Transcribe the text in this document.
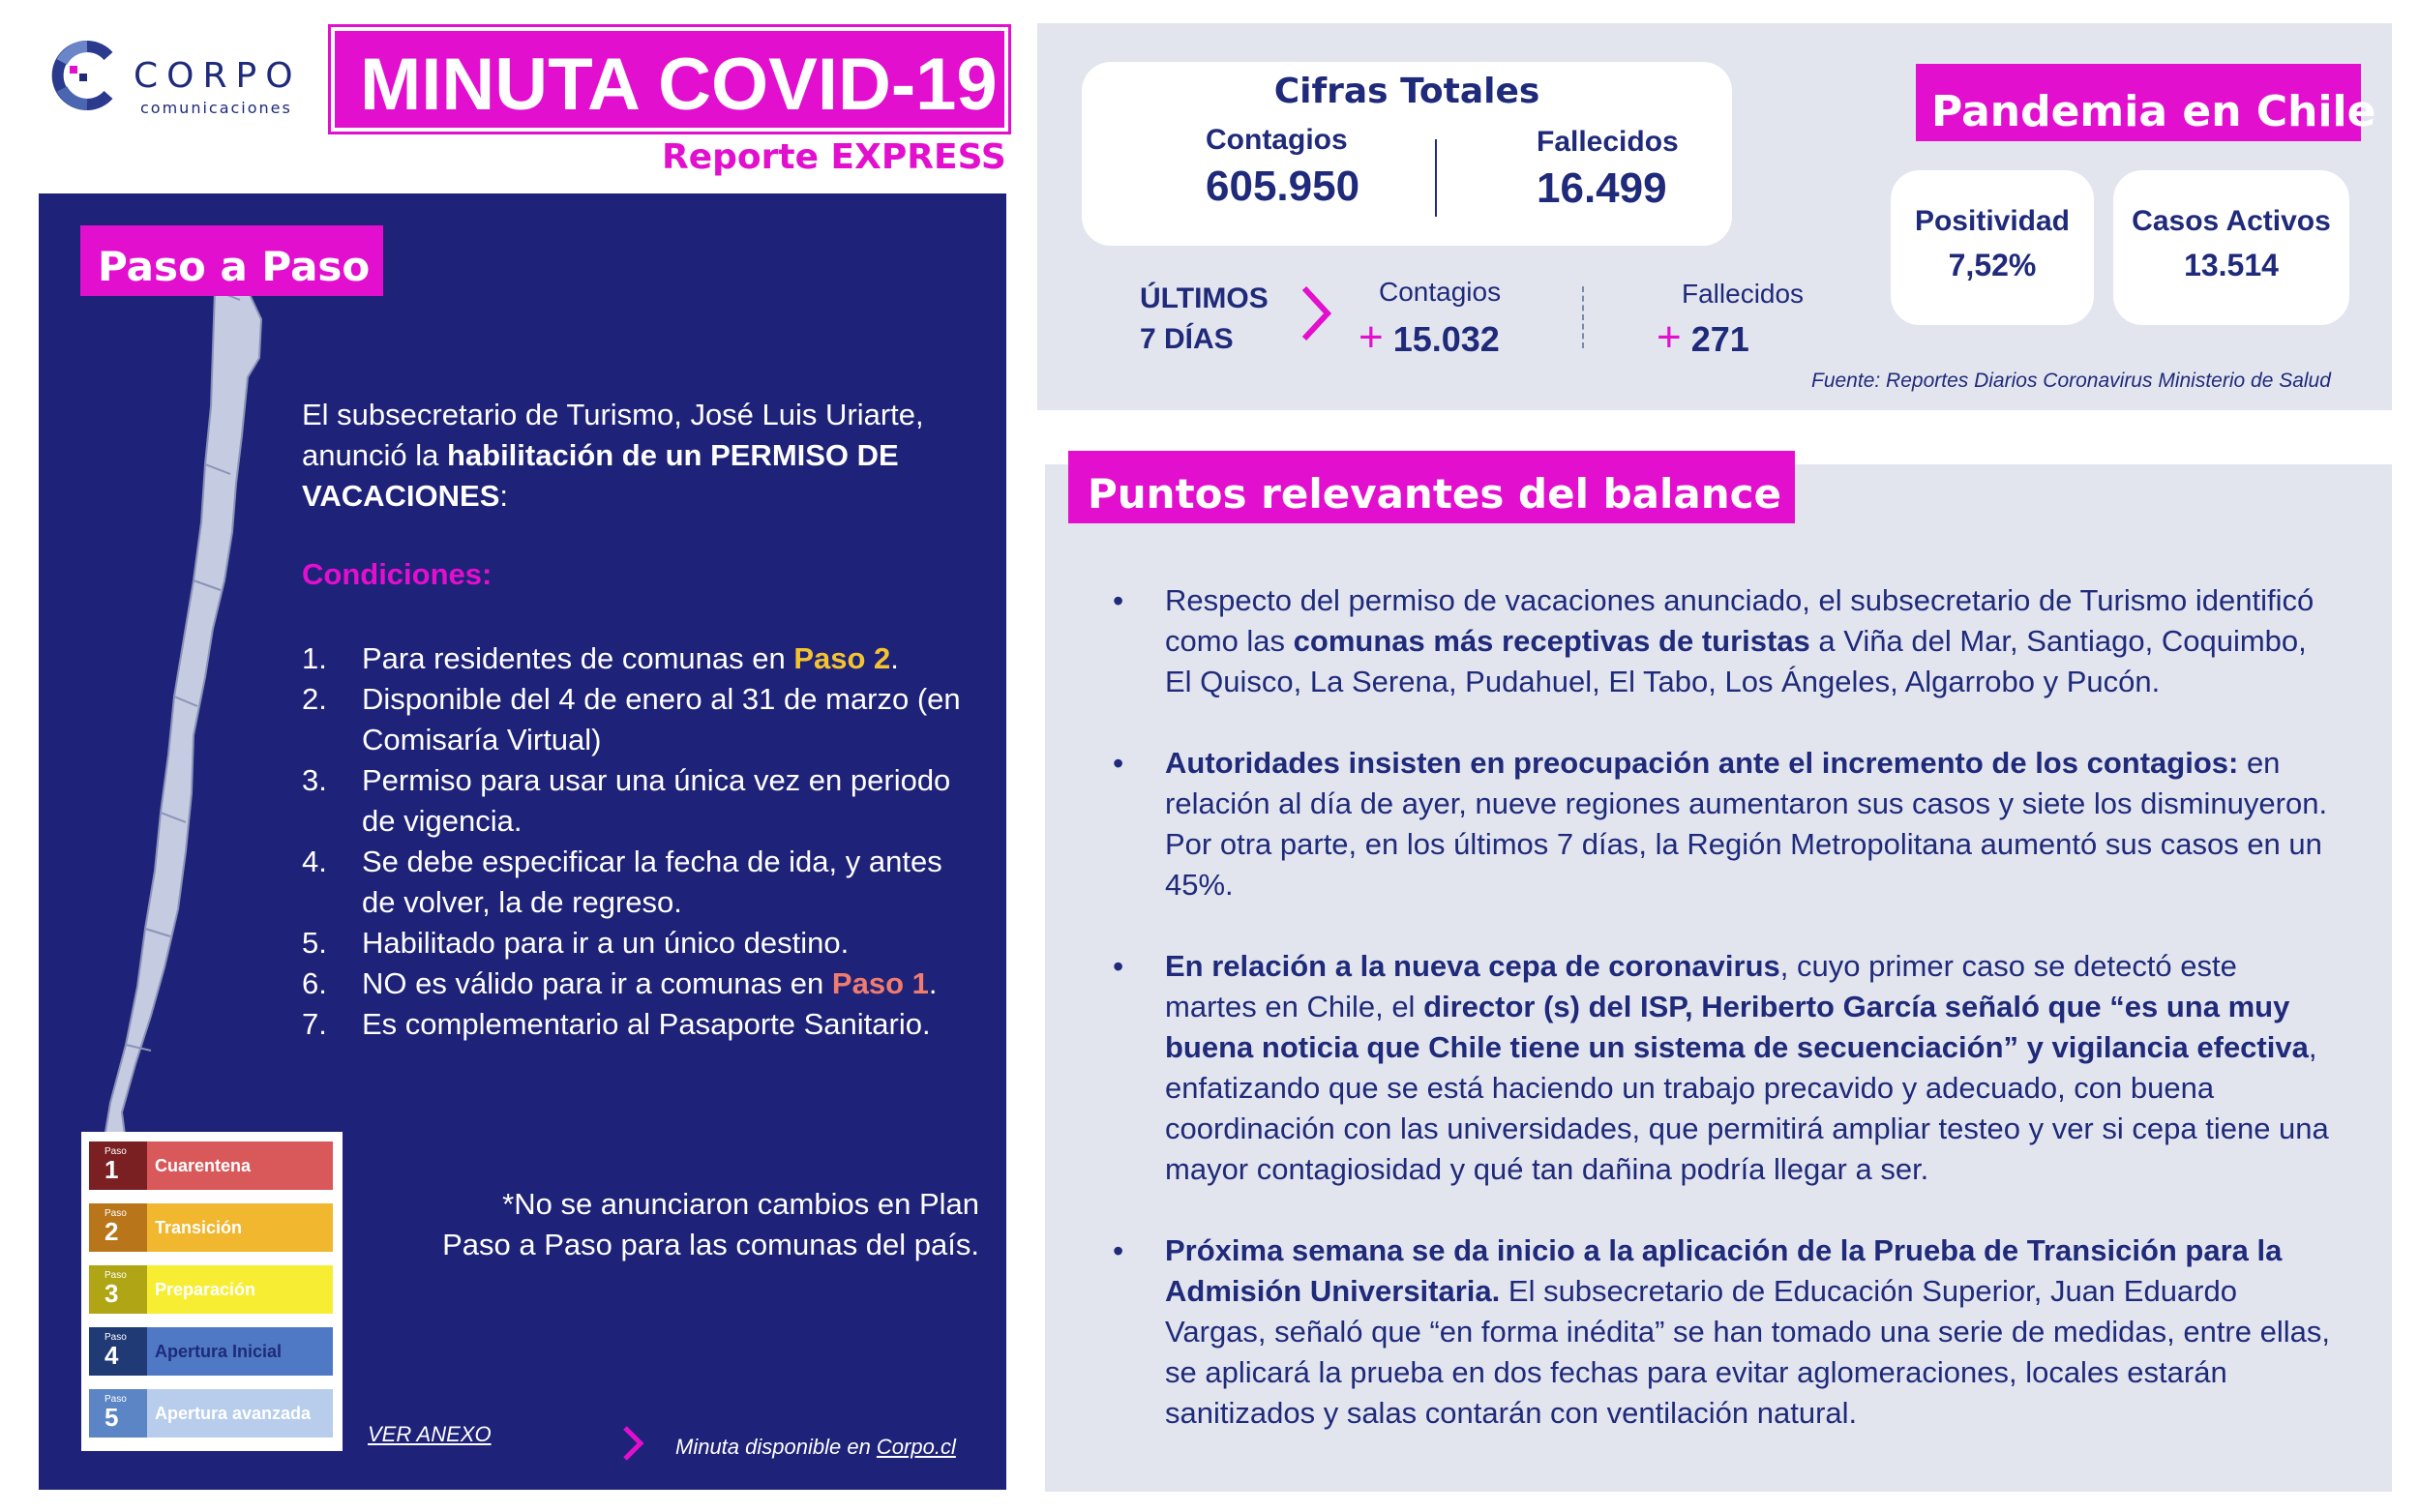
CORPO
comunicaciones MINUTA COVID-19
Reporte EXPRESS
Paso a Paso
El subsecretario de Turismo, José Luis Uriarte, anunció la habilitación de un PERMISO DE VACACIONES:
Condiciones:
1. Para residentes de comunas en Paso 2.
2. Disponible del 4 de enero al 31 de marzo (en Comisaría Virtual)
3. Permiso para usar una única vez en periodo de vigencia.
4. Se debe especificar la fecha de ida, y antes de volver, la de regreso.
5. Habilitado para ir a un único destino.
6. NO es válido para ir a comunas en Paso 1.
7. Es complementario al Pasaporte Sanitario.
*No se anunciaron cambios en Plan Paso a Paso para las comunas del país.
Paso
1 Cuarentena
Paso
2 Transición
Paso
3 Preparación
Paso
4 Apertura Inicial
Paso
5 Apertura avanzada
VER ANEXO
Minuta disponible en Corpo.cl
Cifras Totales
Contagios
605.950
Fallecidos
16.499
ÚLTIMOS
7 DÍAS
Contagios
+ 15.032
Fallecidos
+ 271
Fuente: Reportes Diarios Coronavirus Ministerio de Salud
Pandemia en Chile
Positividad
7,52%
Casos Activos
13.514
Puntos relevantes del balance
• Respecto del permiso de vacaciones anunciado, el subsecretario de Turismo identificó como las comunas más receptivas de turistas a Viña del Mar, Santiago, Coquimbo, El Quisco, La Serena, Pudahuel, El Tabo, Los Ángeles, Algarrobo y Pucón.
• Autoridades insisten en preocupación ante el incremento de los contagios: en relación al día de ayer, nueve regiones aumentaron sus casos y siete los disminuyeron. Por otra parte, en los últimos 7 días, la Región Metropolitana aumentó sus casos en un 45%.
• En relación a la nueva cepa de coronavirus, cuyo primer caso se detectó este martes en Chile, el director (s) del ISP, Heriberto García señaló que “es una muy buena noticia que Chile tiene un sistema de secuenciación” y vigilancia efectiva, enfatizando que se está haciendo un trabajo precavido y adecuado, con buena coordinación con las universidades, que permitirá ampliar testeo y ver si cepa tiene una mayor contagiosidad y qué tan dañina podría llegar a ser.
• Próxima semana se da inicio a la aplicación de la Prueba de Transición para la Admisión Universitaria. El subsecretario de Educación Superior, Juan Eduardo Vargas, señaló que “en forma inédita” se han tomado una serie de medidas, entre ellas, se aplicará la prueba en dos fechas para evitar aglomeraciones, locales estarán sanitizados y salas contarán con ventilación natural.
